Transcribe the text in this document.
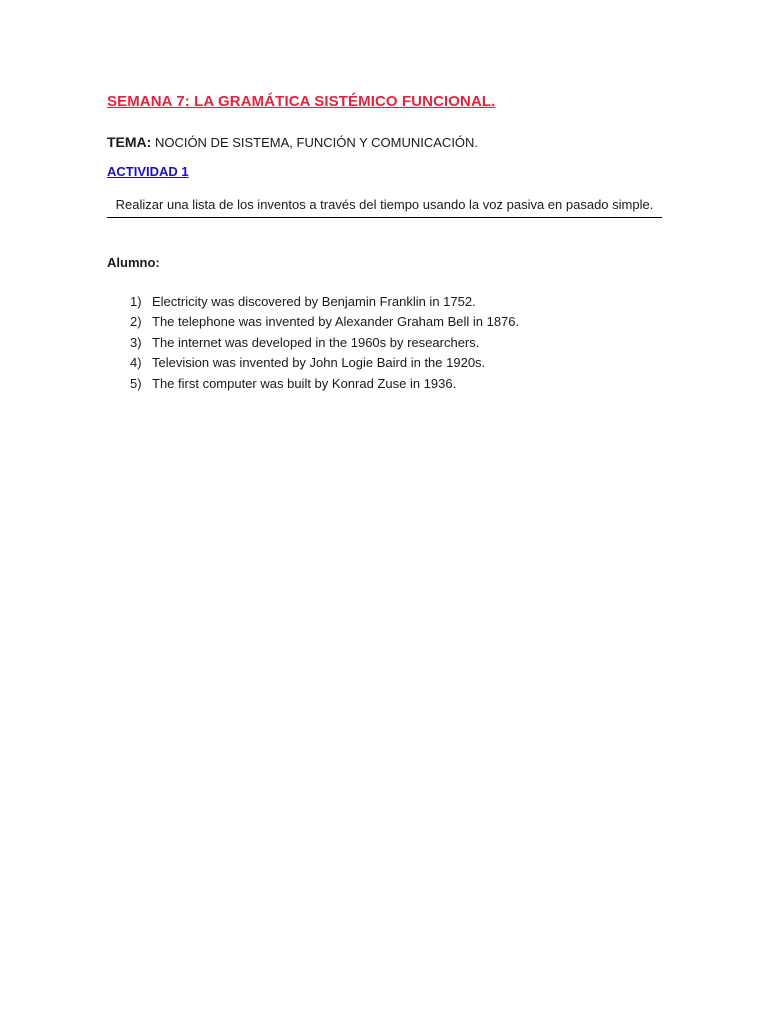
SEMANA 7: LA GRAMÁTICA SISTÉMICO FUNCIONAL.
TEMA: NOCIÓN DE SISTEMA, FUNCIÓN Y COMUNICACIÓN.
ACTIVIDAD 1
Realizar una lista de los inventos a través del tiempo usando la voz pasiva en pasado simple.
Alumno:
1) Electricity was discovered by Benjamin Franklin in 1752.
2) The telephone was invented by Alexander Graham Bell in 1876.
3) The internet was developed in the 1960s by researchers.
4) Television was invented by John Logie Baird in the 1920s.
5) The first computer was built by Konrad Zuse in 1936.
